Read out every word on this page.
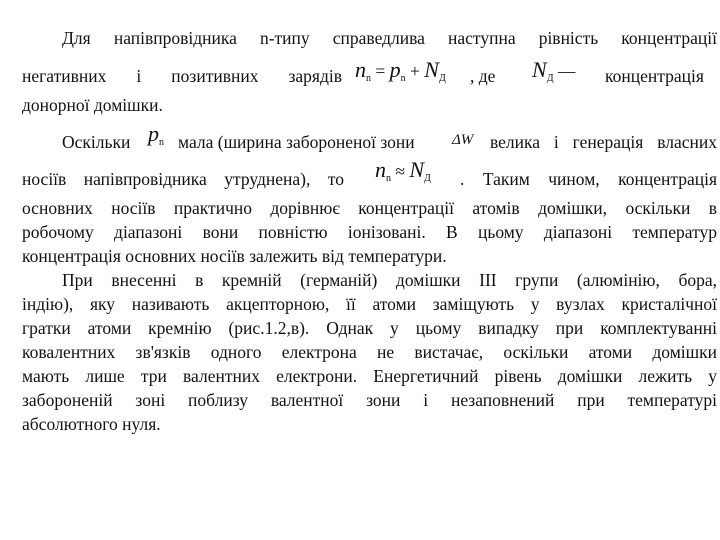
Для напівпровідника n-типу справедлива наступна рівність концентрації
негативних і позитивних зарядів $n_n = p_n + N_Д$ , де $N_Д$ — концентрація
донорної домішки.
Оскільки $p_n$ мала (ширина забороненої зони ΔW велика і генерація власних
носіїв напівпровідника утруднена), то $n_n \approx N_Д$ . Таким чином, концентрація
основних носіїв практично дорівнює концентрації атомів домішки, оскільки в
робочому діапазоні вони повністю іонізовані. В цьому діапазоні температур
концентрація основних носіїв залежить від температури.
При внесенні в кремній (германій) домішки III групи (алюмінію, бора,
індію), яку називають акцепторною, її атоми заміщують у вузлах кристалічної
гратки атоми кремнію (рис.1.2,в). Однак у цьому випадку при комплектуванні
ковалентних зв'язків одного електрона не вистачає, оскільки атоми домішки
мають лише три валентних електрони. Енергетичний рівень домішки лежить у
забороненій зоні поблизу валентної зони і незаповнений при температурі
абсолютного нуля.
